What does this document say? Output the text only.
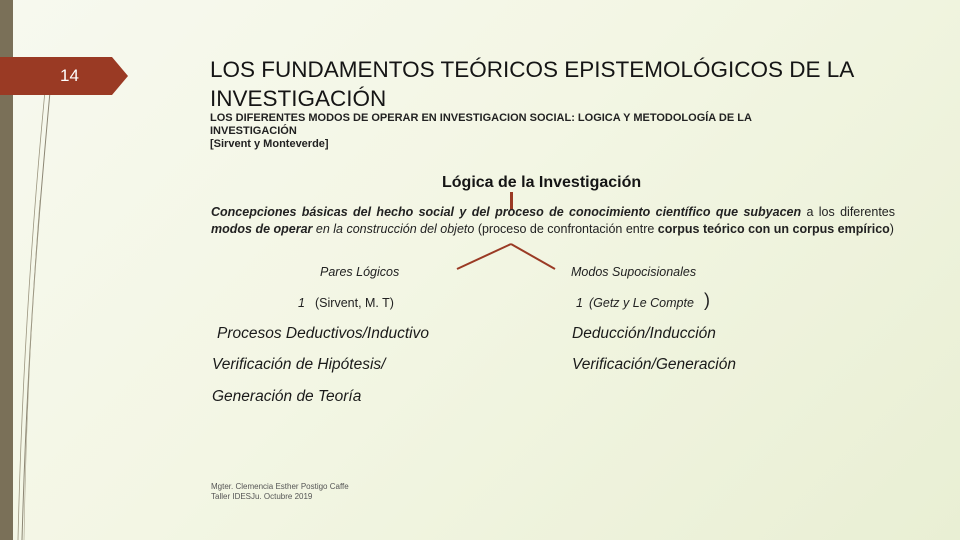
14	LOS FUNDAMENTOS TEÓRICOS EPISTEMOLÓGICOS DE LA INVESTIGACIÓN
LOS DIFERENTES MODOS DE OPERAR EN INVESTIGACION SOCIAL: LOGICA Y METODOLOGÍA DE LA
INVESTIGACIÓN
[Sirvent y Monteverde]
Lógica de la Investigación
Concepciones básicas del hecho social y del proceso de conocimiento científico que subyacen a los diferentes modos de operar en la construcción del objeto (proceso de confrontación entre corpus teórico con un corpus empírico)
Pares Lógicos
1 (Sirvent, M. T)
Procesos Deductivos/Inductivo
Verificación de Hipótesis/
Generación de Teoría
Modos Supocisionales
1 (Getz y Le Compte )
Deducción/Inducción
Verificación/Generación
Mgter. Clemencia Esther Postigo Caffe
Taller IDESJu. Octubre 2019
